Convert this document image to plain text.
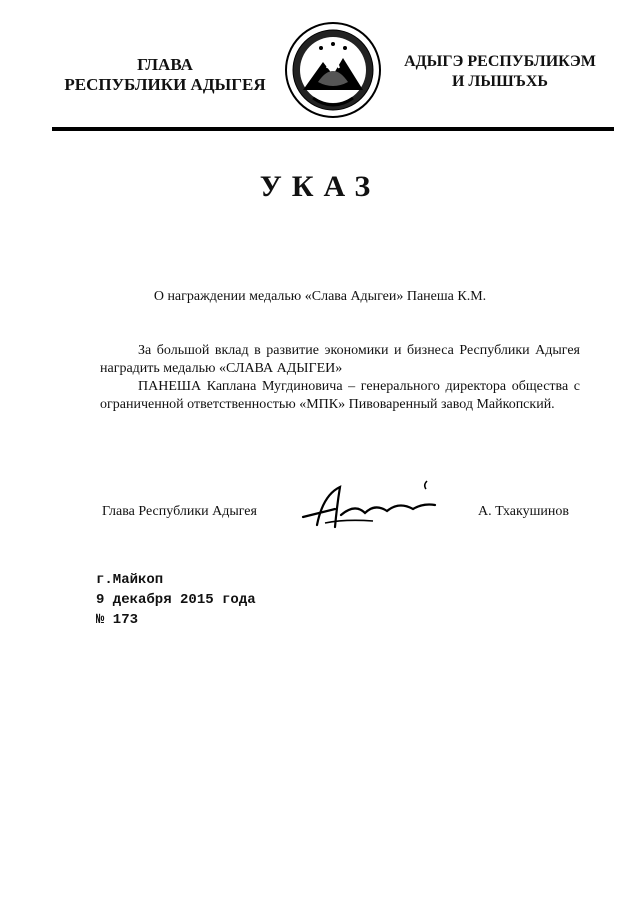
ГЛАВА
РЕСПУБЛИКИ АДЫГЕЯ
АДЫГЭ РЕСПУБЛИКЭМ
И ЛЫШЪХЬ
УКАЗ
О награждении медалью «Слава Адыгеи» Панеша К.М.

За большой вклад в развитие экономики и бизнеса Республики Адыгея наградить медалью «СЛАВА АДЫГЕИ»

ПАНЕША Каплана Мугдиновича – генерального директора общества с ограниченной ответственностью «МПК» Пивоваренный завод Майкопский.

Глава Республики Адыгея	А. Тхакушинов
г.Майкоп
9 декабря 2015 года
№ 173
